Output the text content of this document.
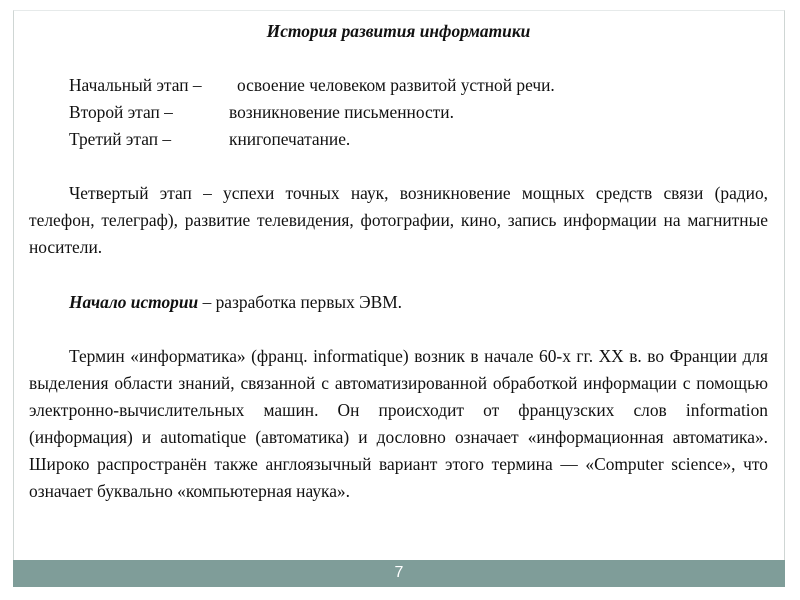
История развития информатики
Начальный этап –	освоение человеком развитой устной речи.
Второй этап –	возникновение письменности.
Третий этап –	книгопечатание.

Четвертый этап – успехи точных наук, возникновение мощных средств связи (радио, телефон, телеграф), развитие телевидения, фотографии, кино, запись информации на магнитные носители.

Начало истории – разработка первых ЭВМ.

Термин «информатика» (франц. informatique) возник в начале 60-х гг. XX в. во Франции для выделения области знаний, связанной с автоматизированной обработкой информации с помощью электронно-вычислительных машин. Он происходит от французских слов information (информация) и automatique (автоматика) и дословно означает «информационная автоматика». Широко распространён также англоязычный вариант этого термина — «Computer science», что означает буквально «компьютерная наука».

7
